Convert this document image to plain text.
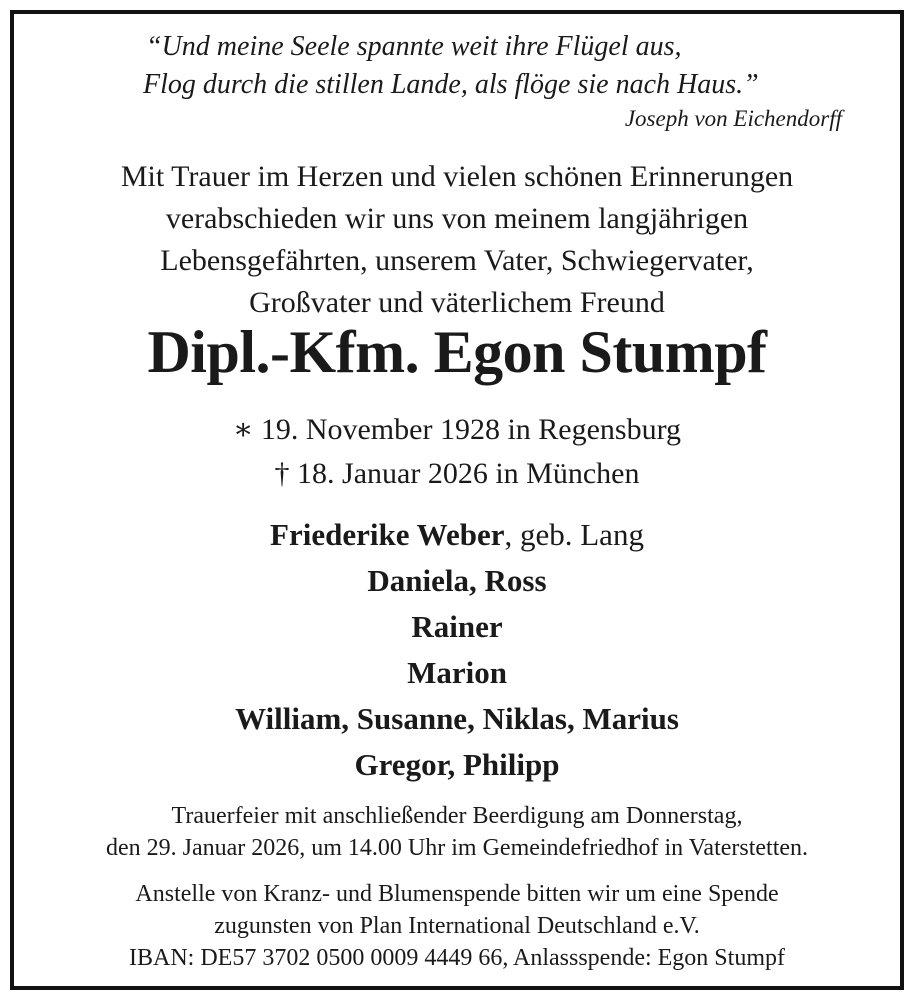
“Und meine Seele spannte weit ihre Flügel aus,
Flog durch die stillen Lande, als flöge sie nach Haus.”
Joseph von Eichendorff
Mit Trauer im Herzen und vielen schönen Erinnerungen
verabschieden wir uns von meinem langjährigen
Lebensgefährten, unserem Vater, Schwiegervater,
Großvater und väterlichem Freund
Dipl.-Kfm. Egon Stumpf
∗ 19. November 1928 in Regensburg
† 18. Januar 2026 in München
Friederike Weber, geb. Lang
Daniela, Ross
Rainer
Marion
William, Susanne, Niklas, Marius
Gregor, Philipp
Trauerfeier mit anschließender Beerdigung am Donnerstag,
den 29. Januar 2026, um 14.00 Uhr im Gemeindefriedhof in Vaterstetten.
Anstelle von Kranz- und Blumenspende bitten wir um eine Spende
zugunsten von Plan International Deutschland e.V.
IBAN: DE57 3702 0500 0009 4449 66, Anlassspende: Egon Stumpf
